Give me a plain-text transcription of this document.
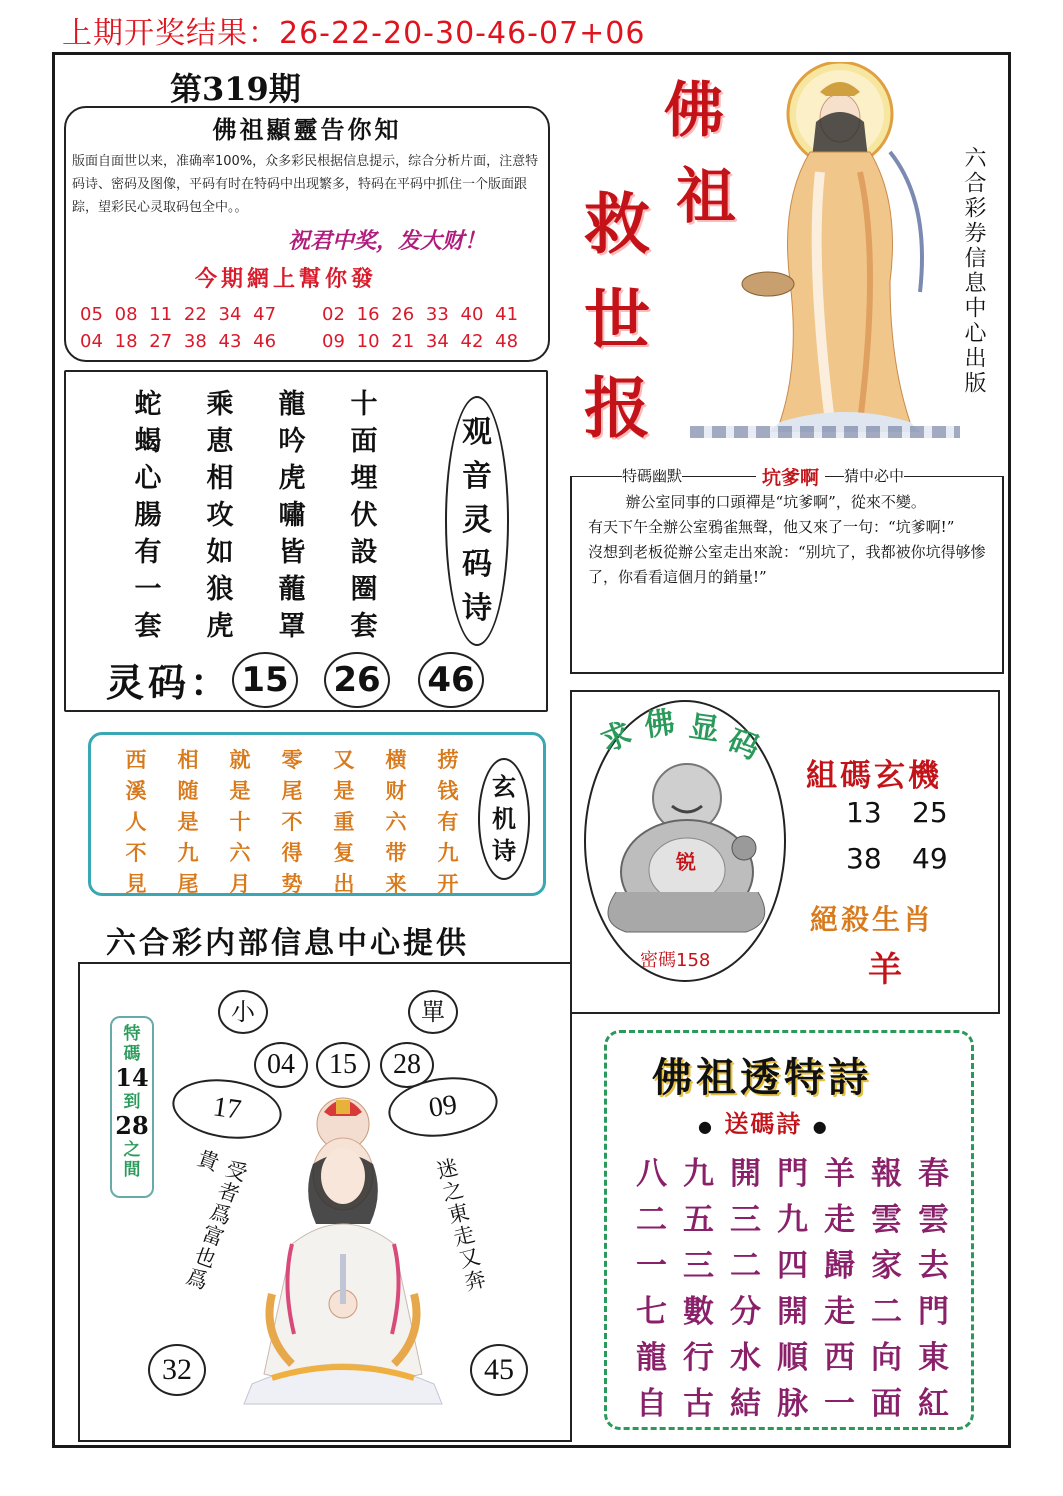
上期开奖结果：26-22-20-30-46-07+06
第319期
佛祖顯靈告你知
版面自面世以来，准确率100%，众多彩民根据信息提示，综合分析片面，注意特码诗、密码及图像，平码有时在特码中出现繁多，特码在平码中抓住一个版面跟踪，望彩民心灵取码包全中。。
祝君中奖，发大财！
今期網上幫你發
05 08 11 22 34 47	02 16 26 33 40 41
04 18 27 38 43 46	09 10 21 34 42 48
蛇	乘	龍	十
蝎	恵	吟	面
心	相	虎	埋
腸	攻	嘯	伏
有	如	皆	設
一	狼	蘢	圈
套	虎	罩	套
观
音
灵
码
诗
灵码： 15 26 46
西	相	就	零	又	横	捞
溪	随	是	尾	是	财	钱
人	是	十	不	重	六	有
不	九	六	得	复	带	九
見	尾	月	势	出	来	开
玄
机
诗
六合彩内部信息中心提供
小	單
04	15	28
17	09
特碼
14
到
28
之間	受者爲富也爲貴	迷之東走又奔
32	45
佛
祖
救
世
报
六合彩券信息中心出版
特碼幽默	坑爹啊	猜中必中
辦公室同事的口頭禪是“坑爹啊”，從來不變。
有天下午全辦公室鴉雀無聲，他又來了一句：“坑爹啊!”
沒想到老板從辦公室走出來說：“别坑了，我都被你坑得够惨了，你看看這個月的銷量!”
求 佛 显 码
锐
密碼158
組碼玄機
13 25
38 49
絕殺生肖
羊
佛祖透特詩
● 送碼詩 ●
八 九 開 門 羊 報 春
二 五 三 九 走 雲 雲
一 三 二 四 歸 家 去
七 數 分 開 走 二 門
龍 行 水 順 西 向 東
自 古 結 脉 一 面 紅
